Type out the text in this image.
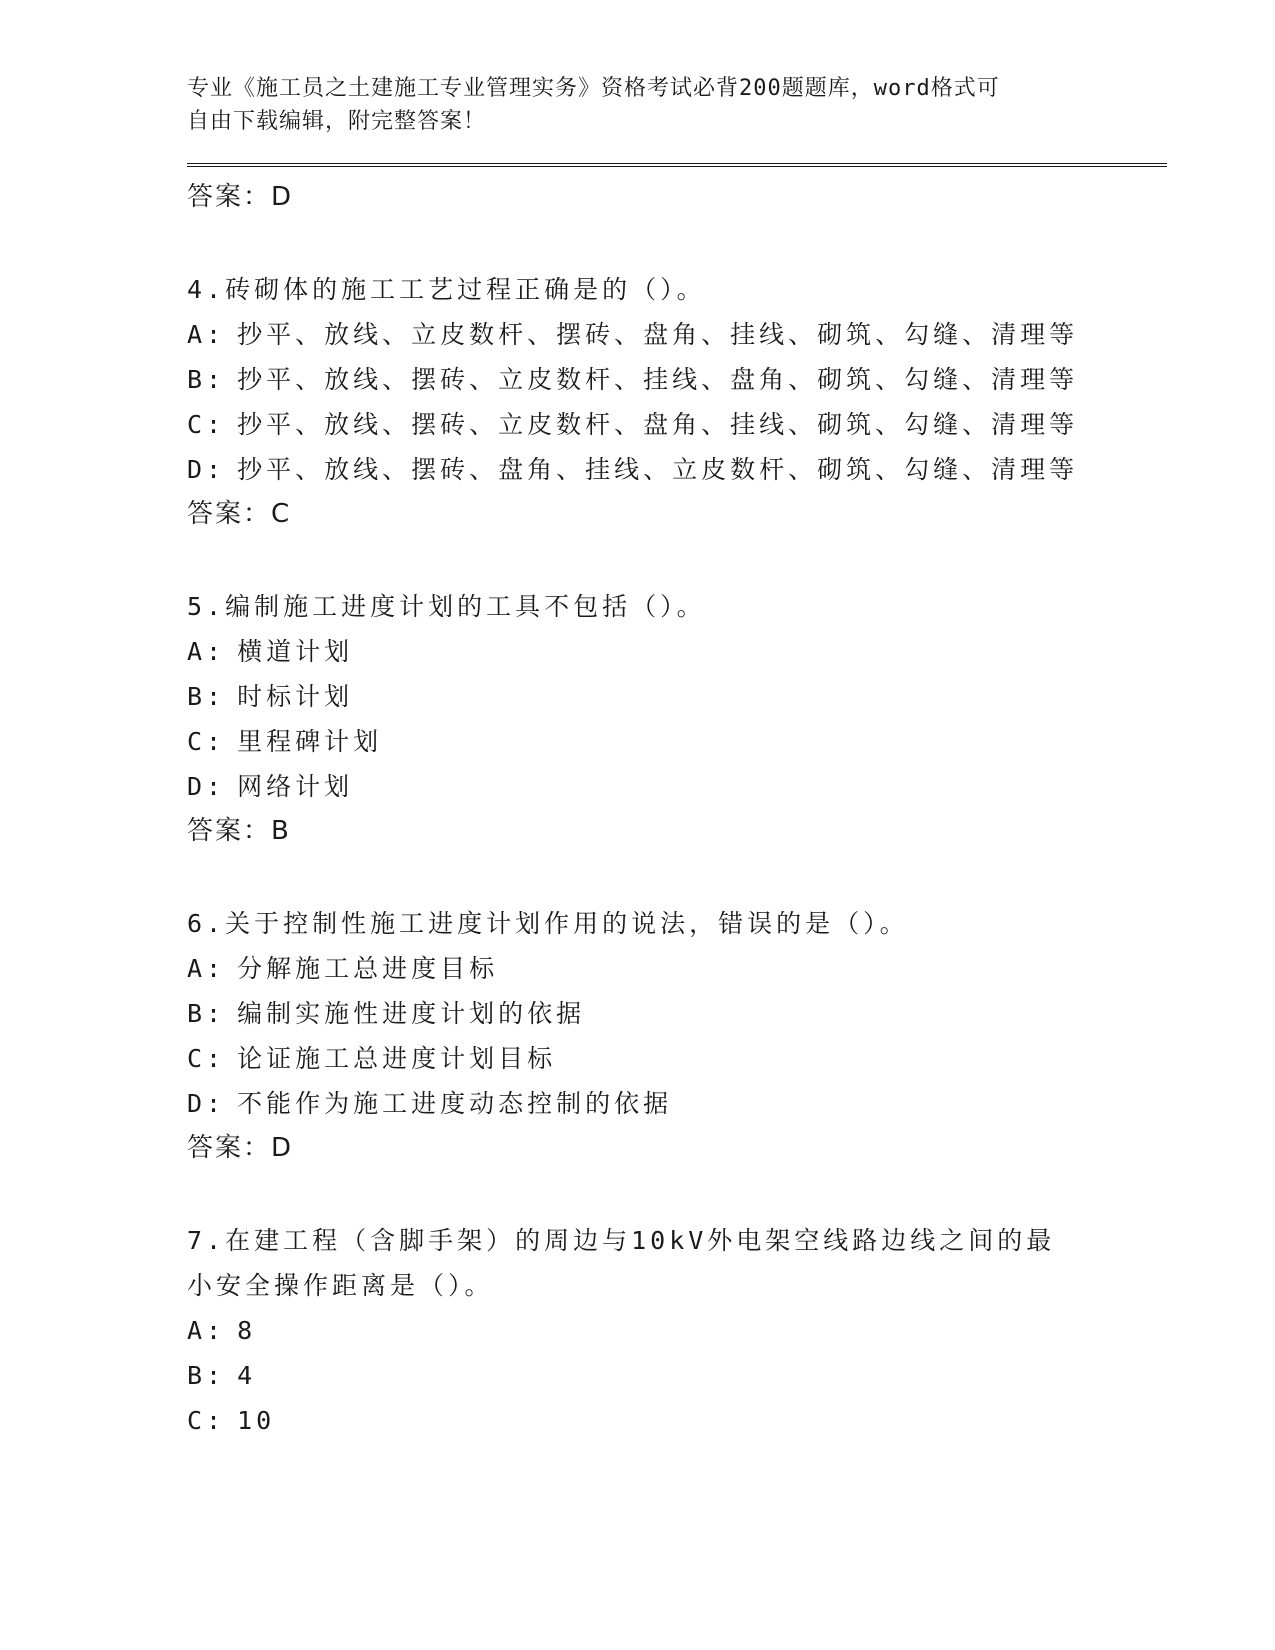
专业《施工员之土建施工专业管理实务》资格考试必背200题题库，word格式可
自由下载编辑，附完整答案！
答案：D
4.砖砌体的施工工艺过程正确是的（）。
A: 抄平、放线、立皮数杆、摆砖、盘角、挂线、砌筑、勾缝、清理等
B: 抄平、放线、摆砖、立皮数杆、挂线、盘角、砌筑、勾缝、清理等
C: 抄平、放线、摆砖、立皮数杆、盘角、挂线、砌筑、勾缝、清理等
D: 抄平、放线、摆砖、盘角、挂线、立皮数杆、砌筑、勾缝、清理等
答案：C
5.编制施工进度计划的工具不包括（）。
A: 横道计划
B: 时标计划
C: 里程碑计划
D: 网络计划
答案：B
6.关于控制性施工进度计划作用的说法，错误的是（）。
A: 分解施工总进度目标
B: 编制实施性进度计划的依据
C: 论证施工总进度计划目标
D: 不能作为施工进度动态控制的依据
答案：D
7.在建工程（含脚手架）的周边与10kV外电架空线路边线之间的最小安全操作距离是（）。
A: 8
B: 4
C: 10
